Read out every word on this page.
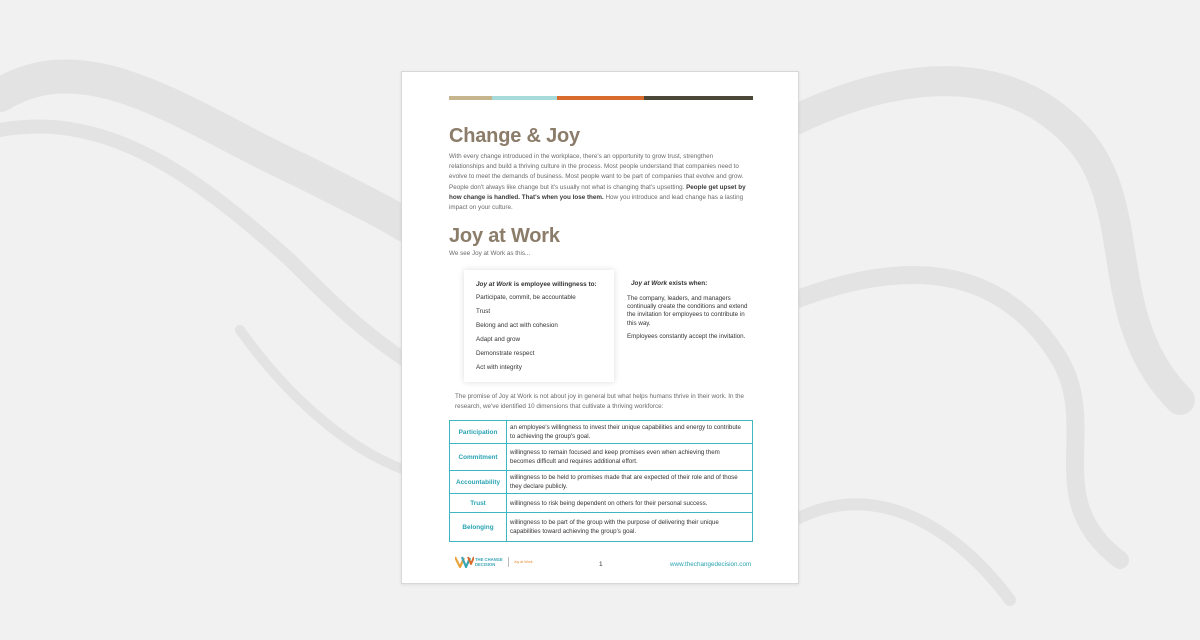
Change & Joy
With every change introduced in the workplace, there's an opportunity to grow trust, strengthen relationships and build a thriving culture in the process. Most people understand that companies need to evolve to meet the demands of business. Most people want to be part of companies that evolve and grow. People don't always like change but it's usually not what is changing that's upsetting. People get upset by how change is handled. That's when you lose them. How you introduce and lead change has a lasting impact on your culture.
Joy at Work
We see Joy at Work as this...
Joy at Work is employee willingness to:
Participate, commit, be accountable
Trust
Belong and act with cohesion
Adapt and grow
Demonstrate respect
Act with integrity
Joy at Work exists when:

The company, leaders, and managers continually create the conditions and extend the invitation for employees to contribute in this way.

Employees constantly accept the invitation.

The promise of Joy at Work is not about joy in general but what helps humans thrive in their work. In the research, we've identified 10 dimensions that cultivate a thriving workforce:
Participation	an employee's willingness to invest their unique capabilities and energy to contribute to achieving the group's goal.
Commitment	willingness to remain focused and keep promises even when achieving them becomes difficult and requires additional effort.
Accountability	willingness to be held to promises made that are expected of their role and of those they declare publicly.
Trust	willingness to risk being dependent on others for their personal success.
Belonging	willingness to be part of the group with the purpose of delivering their unique capabilities toward achieving the group's goal.
THE CHANGE
DECISION	Joy at Work	1	www.thechangedecision.com
